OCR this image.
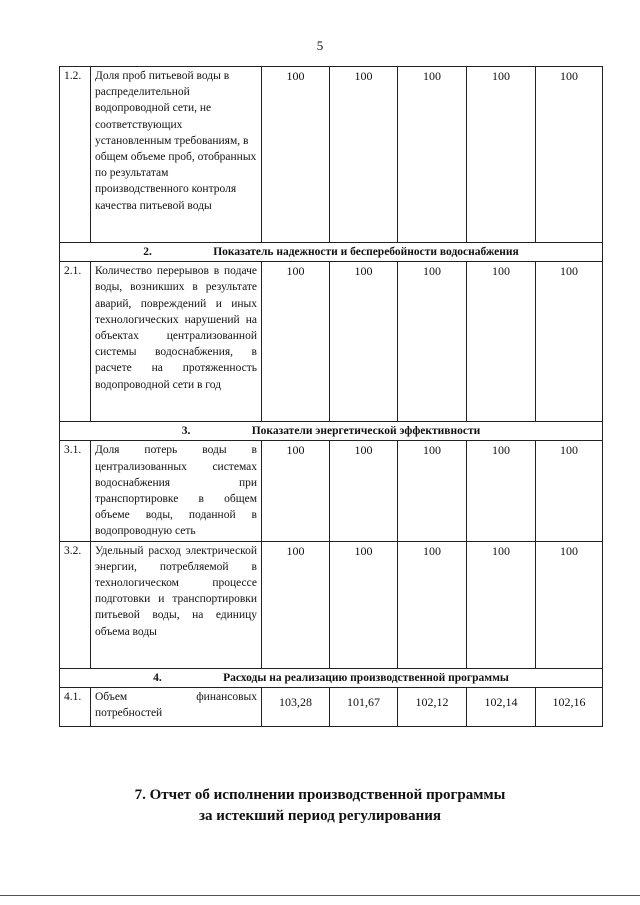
5
1.2.	Доля проб питьевой воды в распределительной водопроводной сети, не соответствующих установленным требованиям, в общем объеме проб, отобранных по результатам производственного контроля качества питьевой воды	100	100	100	100	100
2. Показатель надежности и бесперебойности водоснабжения						
2.1.	Количество перерывов в подаче воды, возникших в результате аварий, повреждений и иных технологических нарушений на объектах централизованной системы водоснабжения, в расчете на протяженность водопроводной сети в год	100	100	100	100	100
3. Показатели энергетической эффективности						
3.1.	Доля потерь воды в централизованных системах водоснабжения при транспортировке в общем объеме воды, поданной в водопроводную сеть	100	100	100	100	100
3.2.	Удельный расход электрической энергии, потребляемой в технологическом процессе подготовки и транспортировки питьевой воды, на единицу объема воды	100	100	100	100	100
4. Расходы на реализацию производственной программы						
4.1.	Объем финансовых потребностей	103,28	101,67	102,12	102,14	102,16
7. Отчет об исполнении производственной программы
за истекший период регулирования
